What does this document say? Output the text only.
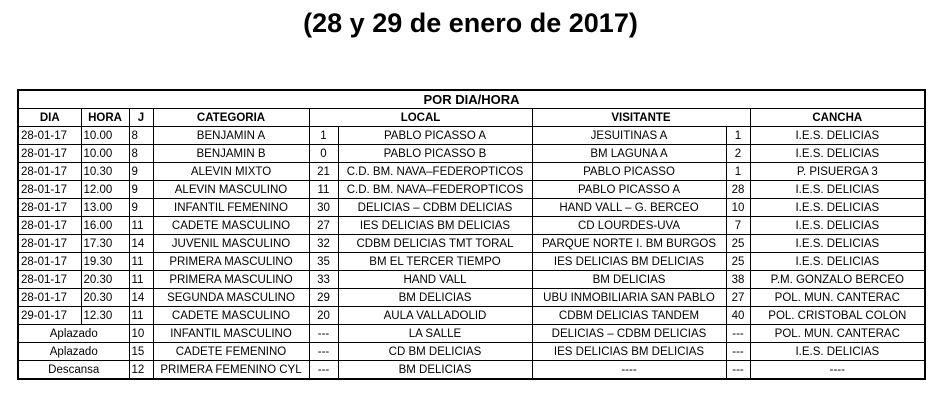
(28 y 29 de enero de 2017)
POR DIA/HORA								
DIA	HORA	J	CATEGORIA	LOCAL		VISITANTE		CANCHA
28-01-17	10.00	8	BENJAMIN A	1	PABLO PICASSO A	JESUITINAS A	1	I.E.S. DELICIAS
28-01-17	10.00	8	BENJAMIN B	0	PABLO PICASSO B	BM LAGUNA A	2	I.E.S. DELICIAS
28-01-17	10.30	9	ALEVIN MIXTO	21	C.D. BM. NAVA–FEDEROPTICOS	PABLO PICASSO	1	P. PISUERGA 3
28-01-17	12.00	9	ALEVIN MASCULINO	11	C.D. BM. NAVA–FEDEROPTICOS	PABLO PICASSO A	28	I.E.S. DELICIAS
28-01-17	13.00	9	INFANTIL FEMENINO	30	DELICIAS – CDBM DELICIAS	HAND VALL – G. BERCEO	10	I.E.S. DELICIAS
28-01-17	16.00	11	CADETE MASCULINO	27	IES DELICIAS BM DELICIAS	CD LOURDES-UVA	7	I.E.S. DELICIAS
28-01-17	17.30	14	JUVENIL MASCULINO	32	CDBM DELICIAS TMT TORAL	PARQUE NORTE I. BM BURGOS	25	I.E.S. DELICIAS
28-01-17	19.30	11	PRIMERA MASCULINO	35	BM EL TERCER TIEMPO	IES DELICIAS BM DELICIAS	25	I.E.S. DELICIAS
28-01-17	20.30	11	PRIMERA MASCULINO	33	HAND VALL	BM DELICIAS	38	P.M. GONZALO BERCEO
28-01-17	20.30	14	SEGUNDA MASCULINO	29	BM DELICIAS	UBU INMOBILIARIA SAN PABLO	27	POL. MUN. CANTERAC
29-01-17	12.30	11	CADETE MASCULINO	20	AULA VALLADOLID	CDBM DELICIAS TANDEM	40	POL. CRISTOBAL COLON
Aplazado		10	INFANTIL MASCULINO	---	LA SALLE	DELICIAS – CDBM DELICIAS	---	POL. MUN. CANTERAC
Aplazado		15	CADETE FEMENINO	---	CD BM DELICIAS	IES DELICIAS BM DELICIAS	---	I.E.S. DELICIAS
Descansa		12	PRIMERA FEMENINO CYL	---	BM DELICIAS	----	---	----
